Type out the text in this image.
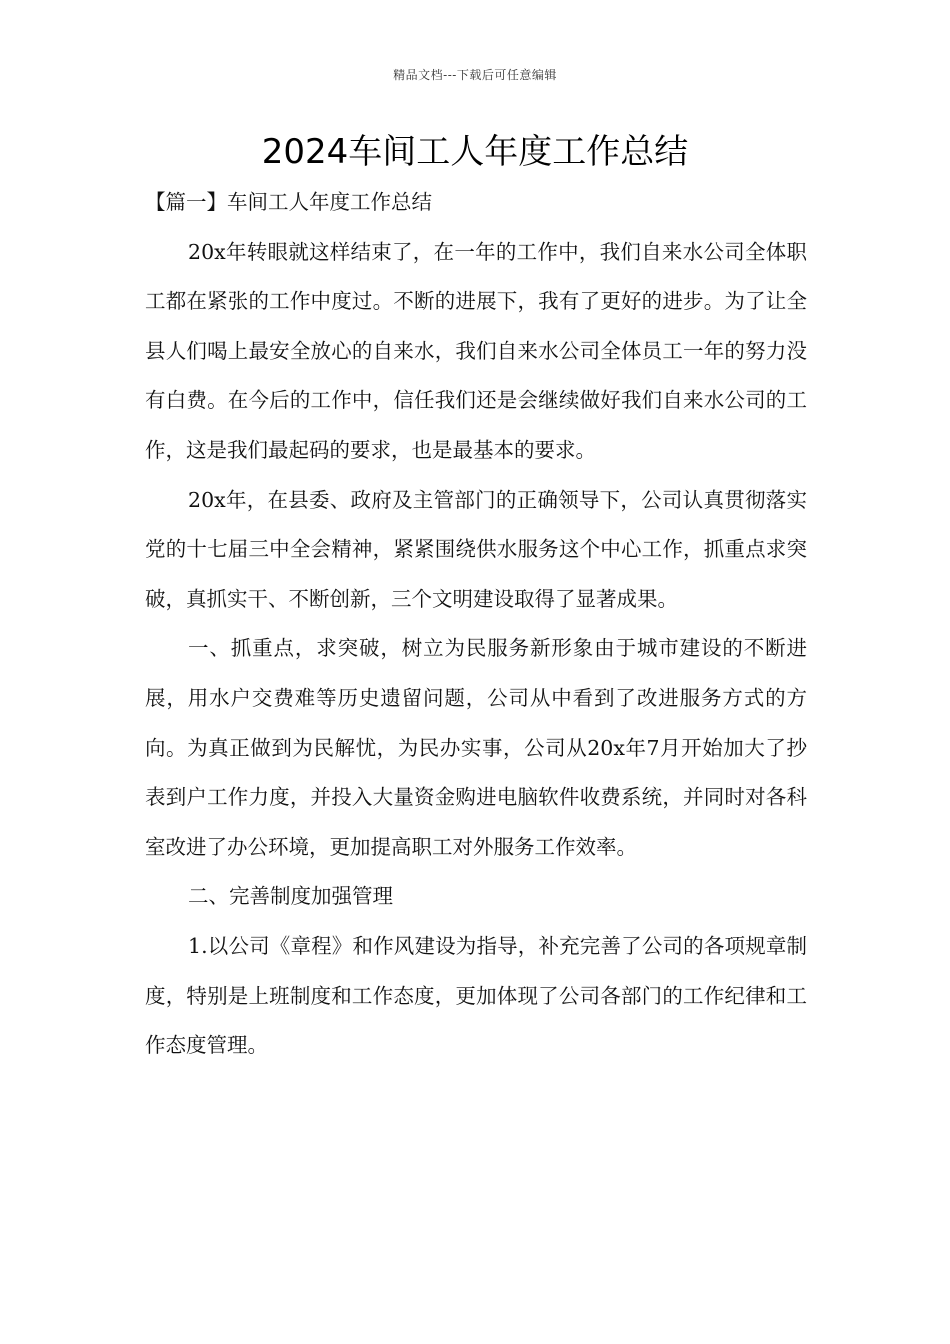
精品文档---下载后可任意编辑
2024车间工人年度工作总结

【篇一】车间工人年度工作总结

20x年转眼就这样结束了，在一年的工作中，我们自来水公司全体职工都在紧张的工作中度过。不断的进展下，我有了更好的进步。为了让全县人们喝上最安全放心的自来水，我们自来水公司全体员工一年的努力没有白费。在今后的工作中，信任我们还是会继续做好我们自来水公司的工作，这是我们最起码的要求，也是最基本的要求。

20x年，在县委、政府及主管部门的正确领导下，公司认真贯彻落实党的十七届三中全会精神，紧紧围绕供水服务这个中心工作，抓重点求突破，真抓实干、不断创新，三个文明建设取得了显著成果。

一、抓重点，求突破，树立为民服务新形象由于城市建设的不断进展，用水户交费难等历史遗留问题，公司从中看到了改进服务方式的方向。为真正做到为民解忧，为民办实事，公司从20x年7月开始加大了抄表到户工作力度，并投入大量资金购进电脑软件收费系统，并同时对各科室改进了办公环境，更加提高职工对外服务工作效率。

二、完善制度加强管理

1.以公司《章程》和作风建设为指导，补充完善了公司的各项规章制度，特别是上班制度和工作态度，更加体现了公司各部门的工作纪律和工作态度管理。
